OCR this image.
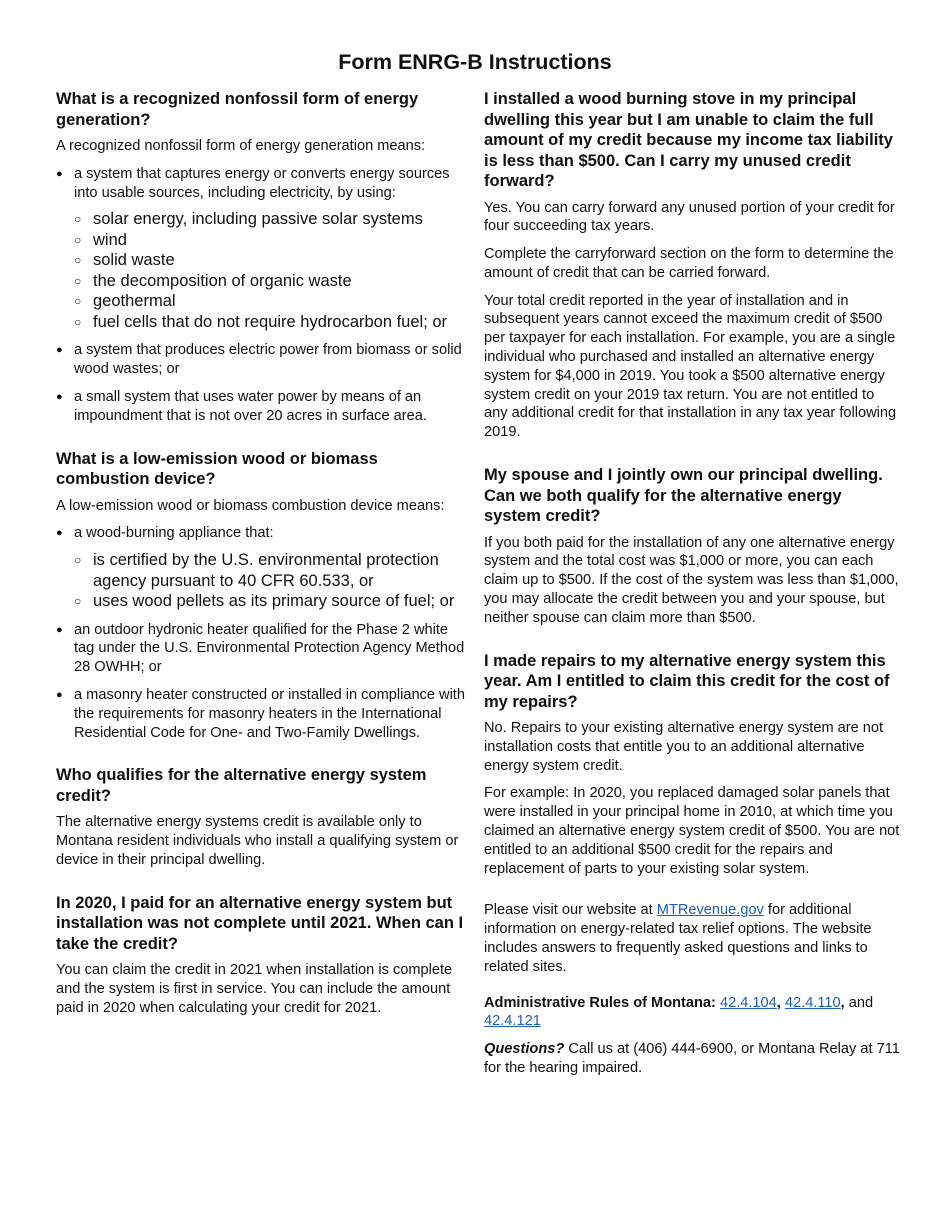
Form ENRG-B Instructions
What is a recognized nonfossil form of energy generation?

A recognized nonfossil form of energy generation means:

● a system that captures energy or converts energy sources into usable sources, including electricity, by using:
○ solar energy, including passive solar systems
○ wind
○ solid waste
○ the decomposition of organic waste
○ geothermal
○ fuel cells that do not require hydrocarbon fuel; or
● a system that produces electric power from biomass or solid wood wastes; or
● a small system that uses water power by means of an impoundment that is not over 20 acres in surface area.
What is a low-emission wood or biomass combustion device?

A low-emission wood or biomass combustion device means:

● a wood-burning appliance that:
○ is certified by the U.S. environmental protection agency pursuant to 40 CFR 60.533, or
○ uses wood pellets as its primary source of fuel; or
● an outdoor hydronic heater qualified for the Phase 2 white tag under the U.S. Environmental Protection Agency Method 28 OWHH; or
● a masonry heater constructed or installed in compliance with the requirements for masonry heaters in the International Residential Code for One- and Two-Family Dwellings.
Who qualifies for the alternative energy system credit?

The alternative energy systems credit is available only to Montana resident individuals who install a qualifying system or device in their principal dwelling.

In 2020, I paid for an alternative energy system but installation was not complete until 2021. When can I take the credit?

You can claim the credit in 2021 when installation is complete and the system is first in service. You can include the amount paid in 2020 when calculating your credit for 2021.

I installed a wood burning stove in my principal dwelling this year but I am unable to claim the full amount of my credit because my income tax liability is less than $500. Can I carry my unused credit forward?

Yes. You can carry forward any unused portion of your credit for four succeeding tax years.

Complete the carryforward section on the form to determine the amount of credit that can be carried forward.

Your total credit reported in the year of installation and in subsequent years cannot exceed the maximum credit of $500 per taxpayer for each installation. For example, you are a single individual who purchased and installed an alternative energy system for $4,000 in 2019. You took a $500 alternative energy system credit on your 2019 tax return. You are not entitled to any additional credit for that installation in any tax year following 2019.

My spouse and I jointly own our principal dwelling. Can we both qualify for the alternative energy system credit?

If you both paid for the installation of any one alternative energy system and the total cost was $1,000 or more, you can each claim up to $500. If the cost of the system was less than $1,000, you may allocate the credit between you and your spouse, but neither spouse can claim more than $500.

I made repairs to my alternative energy system this year. Am I entitled to claim this credit for the cost of my repairs?

No. Repairs to your existing alternative energy system are not installation costs that entitle you to an additional alternative energy system credit.

For example: In 2020, you replaced damaged solar panels that were installed in your principal home in 2010, at which time you claimed an alternative energy system credit of $500. You are not entitled to an additional $500 credit for the repairs and replacement of parts to your existing solar system.

Please visit our website at MTRevenue.gov for additional information on energy-related tax relief options. The website includes answers to frequently asked questions and links to related sites.

Administrative Rules of Montana: 42.4.104, 42.4.110, and 42.4.121

Questions? Call us at (406) 444-6900, or Montana Relay at 711 for the hearing impaired.
